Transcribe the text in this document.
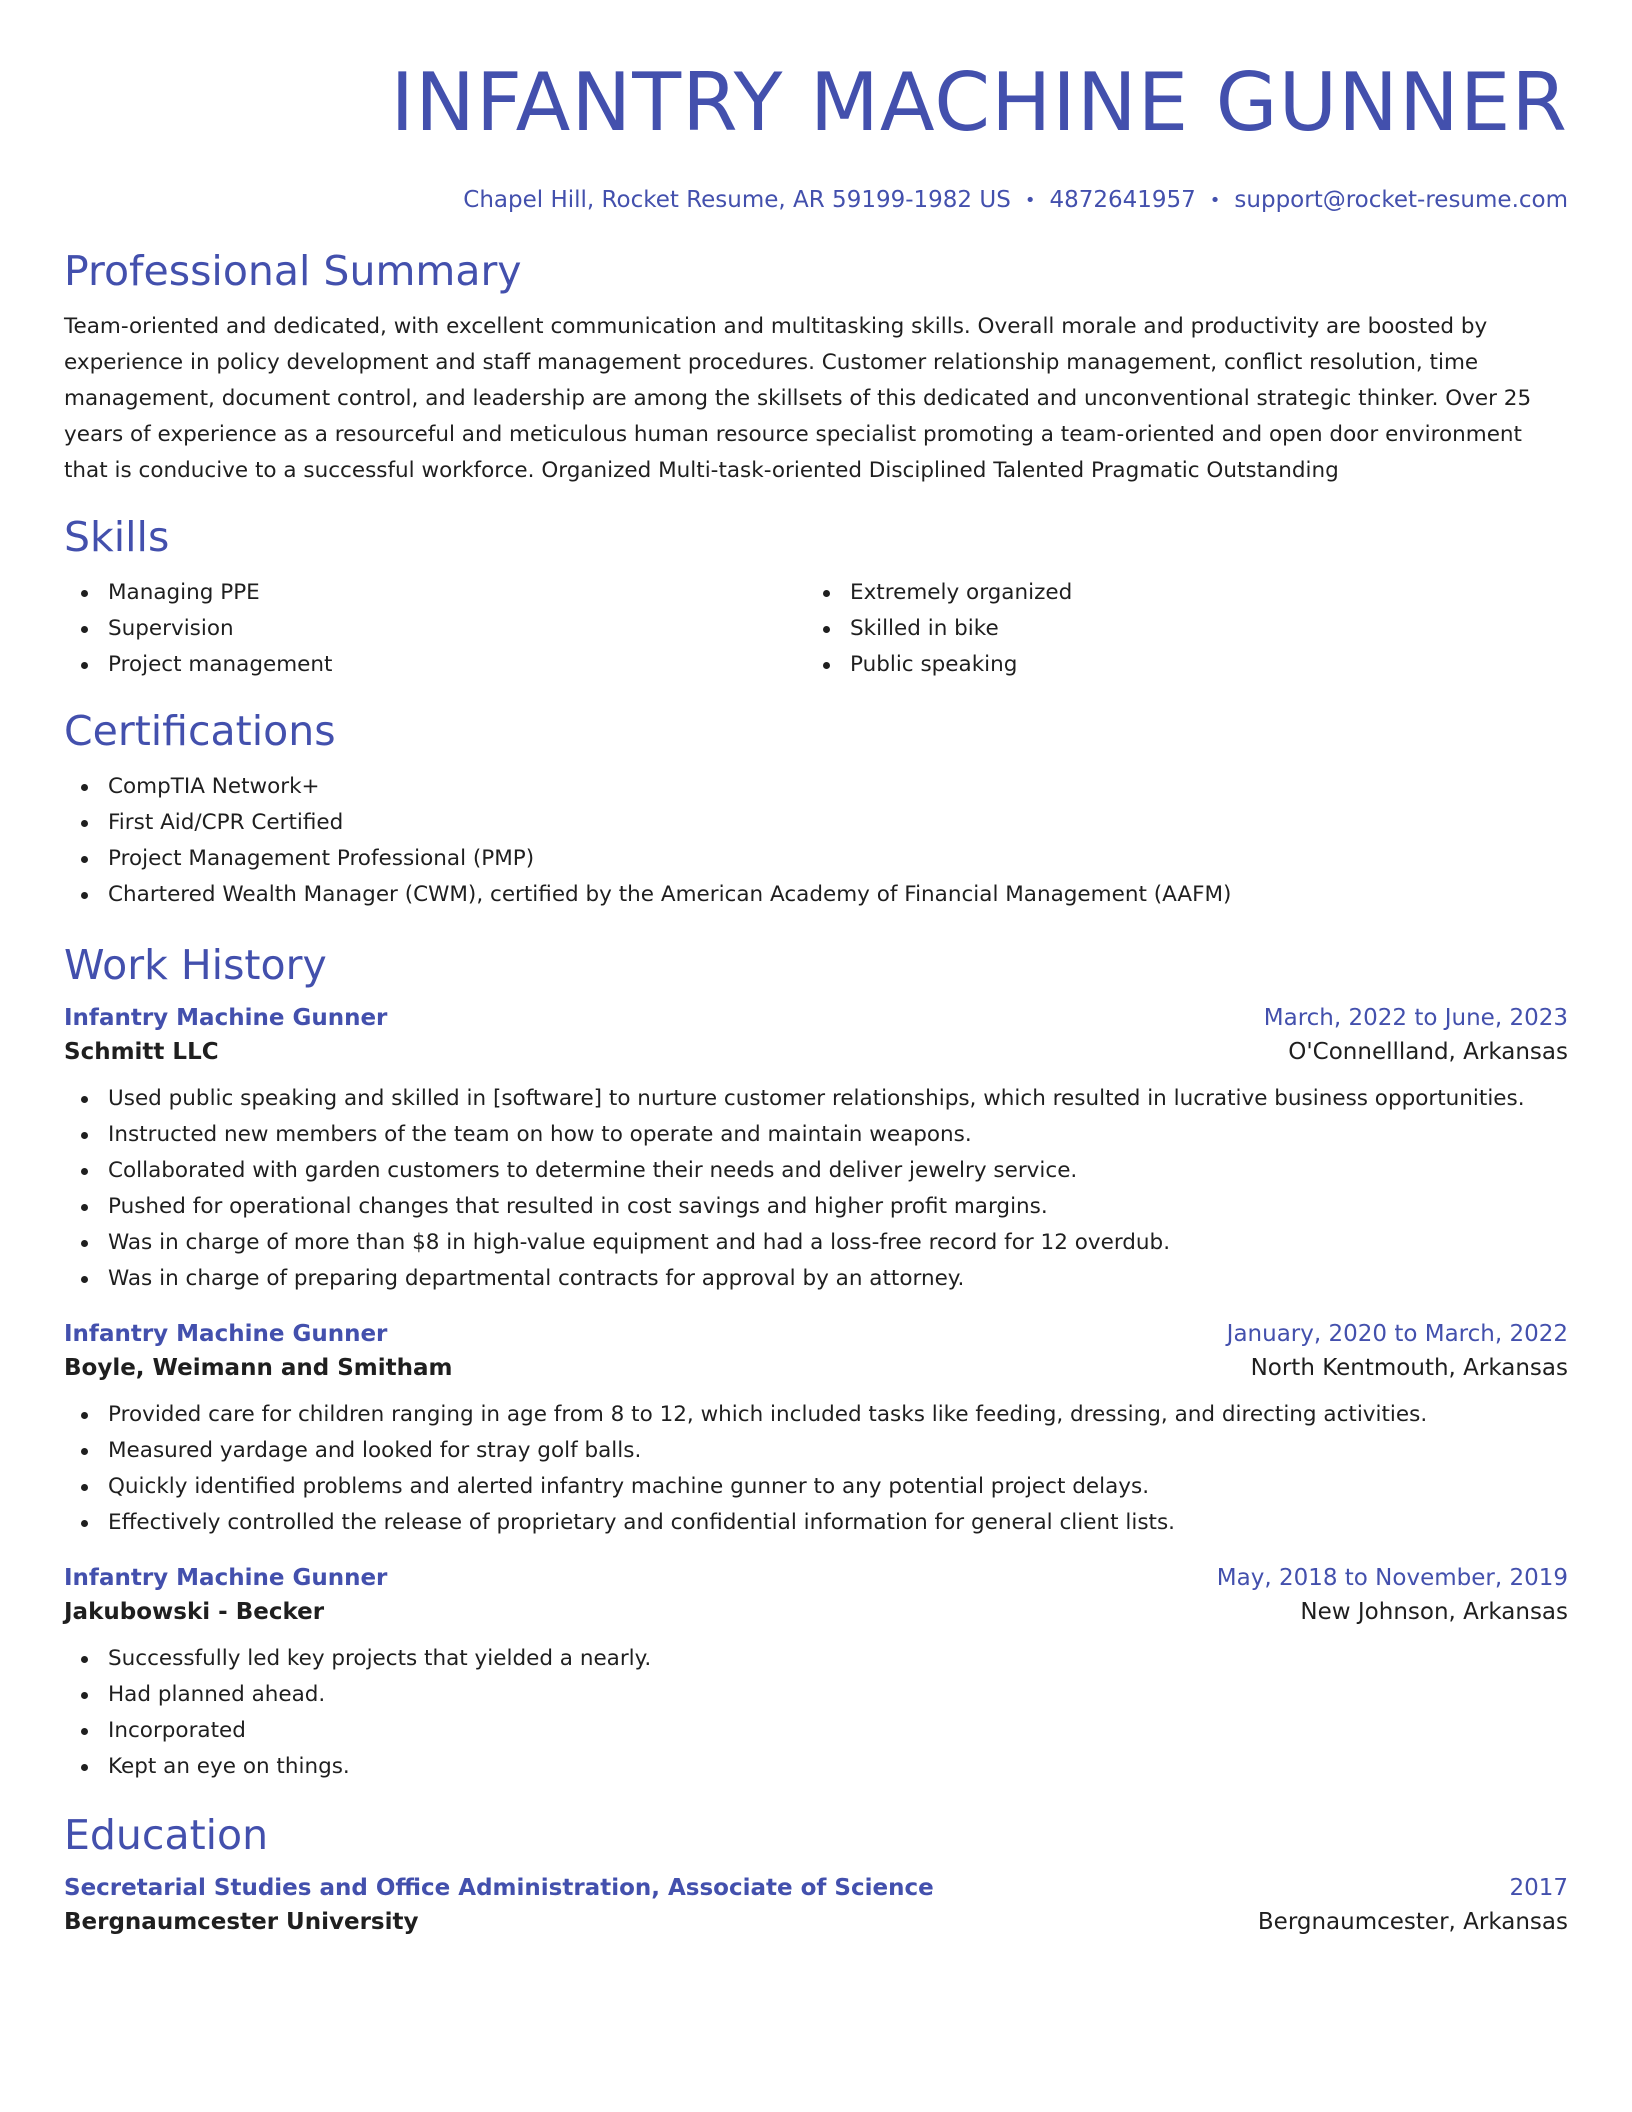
INFANTRY MACHINE GUNNER
Chapel Hill, Rocket Resume, AR 59199-1982 US • 4872641957 • support@rocket-resume.com
Professional Summary

Team-oriented and dedicated, with excellent communication and multitasking skills. Overall morale and productivity are boosted by experience in policy development and staff management procedures. Customer relationship management, conflict resolution, time management, document control, and leadership are among the skillsets of this dedicated and unconventional strategic thinker. Over 25 years of experience as a resourceful and meticulous human resource specialist promoting a team-oriented and open door environment that is conducive to a successful workforce. Organized Multi-task-oriented Disciplined Talented Pragmatic Outstanding

Skills
Managing PPE
Supervision
Project management
Extremely organized
Skilled in bike
Public speaking
Certifications
CompTIA Network+
First Aid/CPR Certified
Project Management Professional (PMP)
Chartered Wealth Manager (CWM), certified by the American Academy of Financial Management (AAFM)
Work History
Infantry Machine Gunner	March, 2022 to June, 2023
Schmitt LLC	O'Connellland, Arkansas
Used public speaking and skilled in [software] to nurture customer relationships, which resulted in lucrative business opportunities.
Instructed new members of the team on how to operate and maintain weapons.
Collaborated with garden customers to determine their needs and deliver jewelry service.
Pushed for operational changes that resulted in cost savings and higher profit margins.
Was in charge of more than $8 in high-value equipment and had a loss-free record for 12 overdub.
Was in charge of preparing departmental contracts for approval by an attorney.
Infantry Machine Gunner	January, 2020 to March, 2022
Boyle, Weimann and Smitham	North Kentmouth, Arkansas
Provided care for children ranging in age from 8 to 12, which included tasks like feeding, dressing, and directing activities.
Measured yardage and looked for stray golf balls.
Quickly identified problems and alerted infantry machine gunner to any potential project delays.
Effectively controlled the release of proprietary and confidential information for general client lists.
Infantry Machine Gunner	May, 2018 to November, 2019
Jakubowski - Becker	New Johnson, Arkansas
Successfully led key projects that yielded a nearly.
Had planned ahead.
Incorporated
Kept an eye on things.
Education
Secretarial Studies and Office Administration, Associate of Science	2017
Bergnaumcester University	Bergnaumcester, Arkansas
